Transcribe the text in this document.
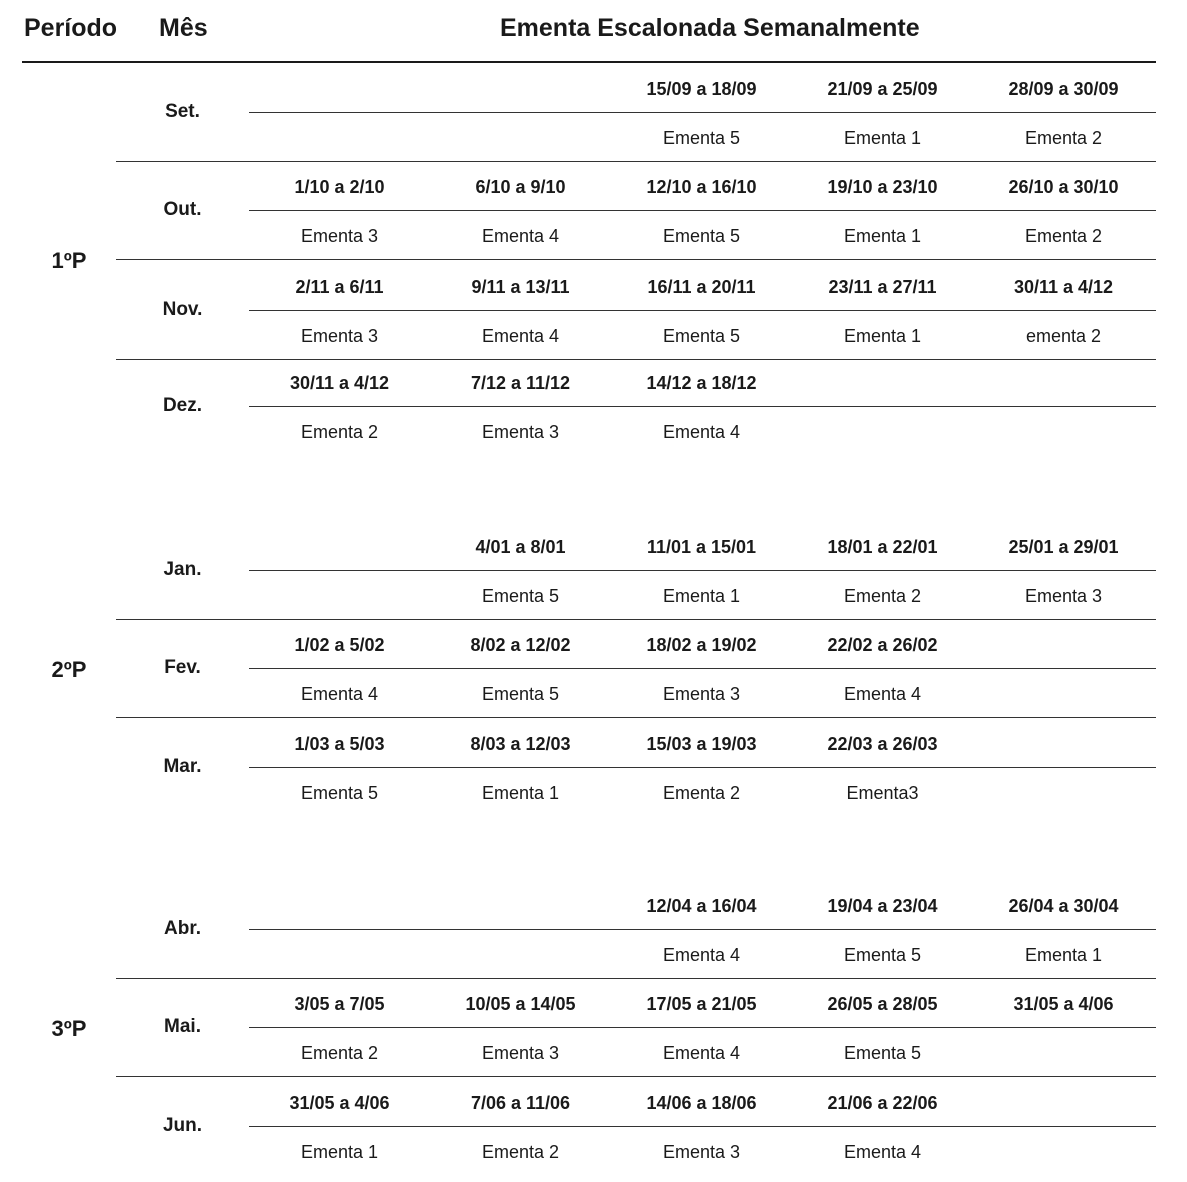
Período Mês	Ementa Escalonada Semanalmente
Set.
15/09 a 18/09
Ementa 5
21/09 a 25/09
Ementa 1
28/09 a 30/09
Ementa 2
Out.
1/10 a 2/10
Ementa 3
6/10 a 9/10
Ementa 4
12/10 a 16/10
Ementa 5
19/10 a 23/10
Ementa 1
26/10 a 30/10
Ementa 2
Nov.
2/11 a 6/11
Ementa 3
9/11 a 13/11
Ementa 4
16/11 a 20/11
Ementa 5
23/11 a 27/11
Ementa 1
30/11 a 4/12
ementa 2
Dez.
30/11 a 4/12
Ementa 2
7/12 a 11/12
Ementa 3
14/12 a 18/12
Ementa 4
1ºP
Jan.
4/01 a 8/01
Ementa 5
11/01 a 15/01
Ementa 1
18/01 a 22/01
Ementa 2
25/01 a 29/01
Ementa 3
Fev.
1/02 a 5/02
Ementa 4
8/02 a 12/02
Ementa 5
18/02 a 19/02
Ementa 3
22/02 a 26/02
Ementa 4
Mar.
1/03 a 5/03
Ementa 5
8/03 a 12/03
Ementa 1
15/03 a 19/03
Ementa 2
22/03 a 26/03
Ementa3
2ºP
Abr.
12/04 a 16/04
Ementa 4
19/04 a 23/04
Ementa 5
26/04 a 30/04
Ementa 1
Mai.
3/05 a 7/05
Ementa 2
10/05 a 14/05
Ementa 3
17/05 a 21/05
Ementa 4
26/05 a 28/05
Ementa 5
31/05 a 4/06
Jun.
31/05 a 4/06
Ementa 1
7/06 a 11/06
Ementa 2
14/06 a 18/06
Ementa 3
21/06 a 22/06
Ementa 4
3ºP
